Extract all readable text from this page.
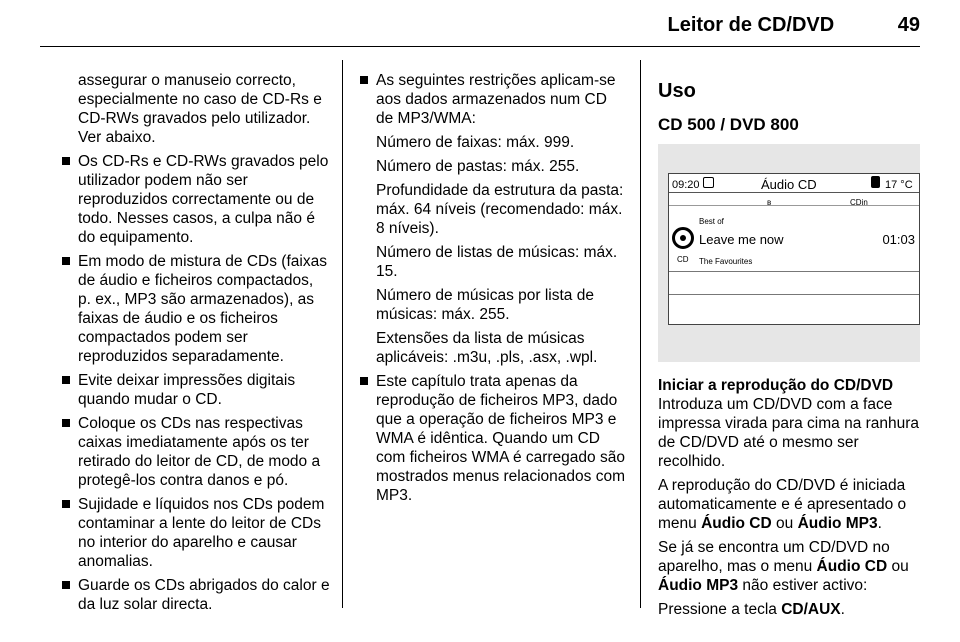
Leitor de CD/DVD	49

assegurar o manuseio correcto, especialmente no caso de CD-Rs e CD-RWs gravados pelo utilizador. Ver abaixo.

Os CD-Rs e CD-RWs gravados pelo utilizador podem não ser reproduzidos correctamente ou de todo. Nesses casos, a culpa não é do equipamento.

Em modo de mistura de CDs (faixas de áudio e ficheiros compactados, p. ex., MP3 são armazenados), as faixas de áudio e os ficheiros compactados podem ser reproduzidos separadamente.

Evite deixar impressões digitais quando mudar o CD.

Coloque os CDs nas respectivas caixas imediatamente após os ter retirado do leitor de CD, de modo a protegê-los contra danos e pó.

Sujidade e líquidos nos CDs podem contaminar a lente do leitor de CDs no interior do aparelho e causar anomalias.

Guarde os CDs abrigados do calor e da luz solar directa.

As seguintes restrições aplicam-se aos dados armazenados num CD de MP3/WMA:

Número de faixas: máx. 999.

Número de pastas: máx. 255.

Profundidade da estrutura da pasta: máx. 64 níveis (recomendado: máx. 8 níveis).

Número de listas de músicas: máx. 15.

Número de músicas por lista de músicas: máx. 255.

Extensões da lista de músicas aplicáveis: .m3u, .pls, .asx, .wpl.

Este capítulo trata apenas da reprodução de ficheiros MP3, dado que a operação de ficheiros MP3 e WMA é idêntica. Quando um CD com ficheiros WMA é carregado são mostrados menus relacionados com MP3.

Uso
CD 500 / DVD 800
09:20	Áudio CD	17 °C
ʙ	CDin
Best of
Leave me now	01:03
CD The Favourites

Iniciar a reprodução do CD/DVD

Introduza um CD/DVD com a face impressa virada para cima na ranhura de CD/DVD até o mesmo ser recolhido.

A reprodução do CD/DVD é iniciada automaticamente e é apresentado o menu Áudio CD ou Áudio MP3.

Se já se encontra um CD/DVD no aparelho, mas o menu Áudio CD ou Áudio MP3 não estiver activo:

Pressione a tecla CD/AUX.
